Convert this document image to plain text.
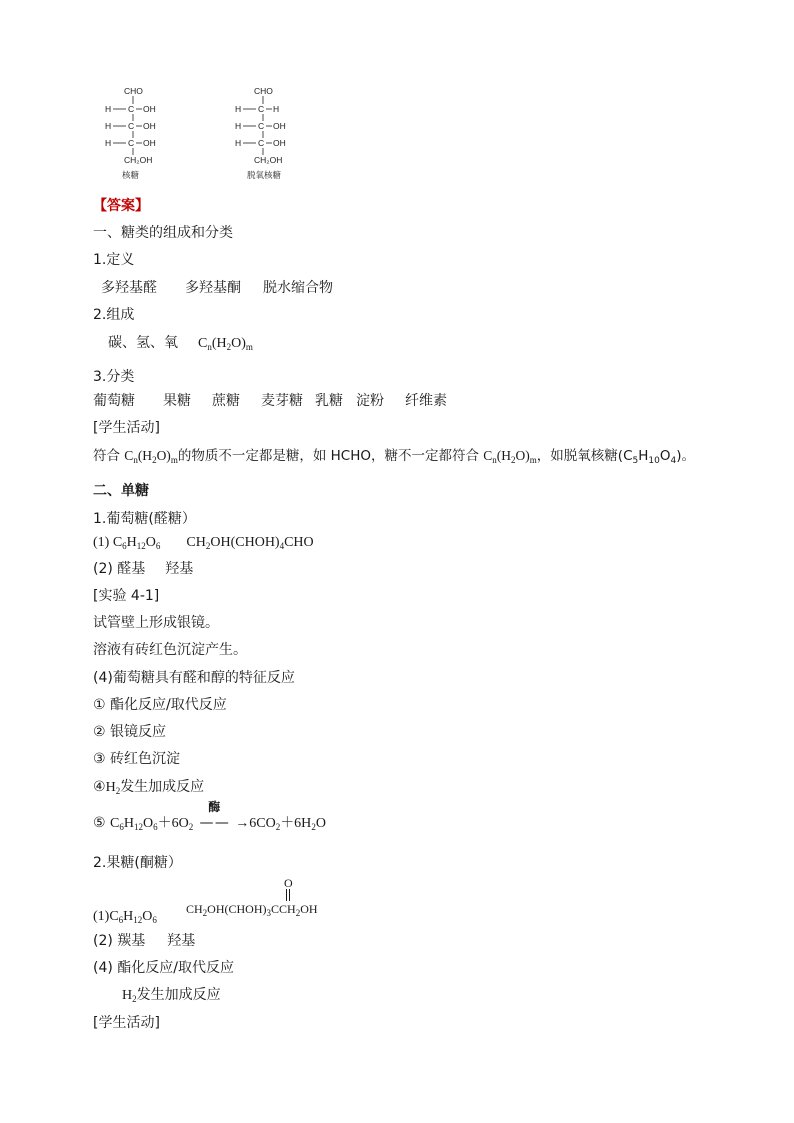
CHO
H C OH
H C OH
H C OH
CH₂OH
核糖
CHO
H C H
H C OH
H C OH
CH₂OH
脱氧核糖
【答案】
一、糖类的组成和分类
1.定义
多羟基醛 多羟基酮 脱水缩合物
2.组成
碳、氢、氧 $C_n(H_2O)_m$
3.分类
葡萄糖 果糖 蔗糖 麦芽糖 乳糖 淀粉 纤维素
[学生活动]
符合 $C_n(H_2O)_m$的物质不一定都是糖，如 HCHO，糖不一定都符合 $C_n(H_2O)_m$，如脱氧核糖$(C_5H_{10}O_4)$。
二、单糖
1.葡萄糖(醛糖）
(1) $C_6H_{12}O_6$ $CH_2OH(CHOH)_4CHO$
(2) 醛基 羟基
[实验 4-1]
试管壁上形成银镜。
溶液有砖红色沉淀产生。
(4)葡萄糖具有醛和醇的特征反应
① 酯化反应/取代反应
② 银镜反应
③ 砖红色沉淀
$④H_2$发生加成反应
⑤ $C_6H_{12}O_6+6O_2$
酶
— — $\to 6CO_2+6H_2O$
2.果糖(酮糖）
$(1)C_6H_{12}O_6$
O
$CH_2OH(CHOH)_3CCH_2OH$
(2) 羰基 羟基
(4) 酯化反应/取代反应
$H_2$发生加成反应
[学生活动]
